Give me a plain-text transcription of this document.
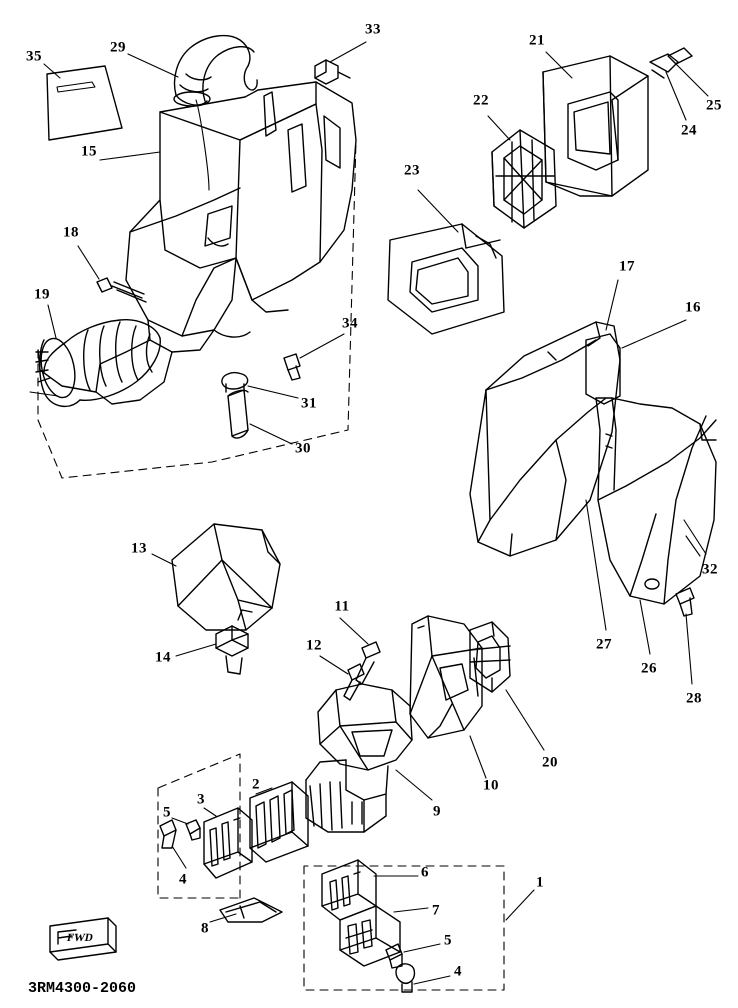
35
29
33
21
25
24
22
15
23
18
17
16
19
34
31
30
32
13
27
26
28
11
12
14
20
10
9
2
3
5
4	6
1
7
8
5
4
FWD
3RM4300-2060
